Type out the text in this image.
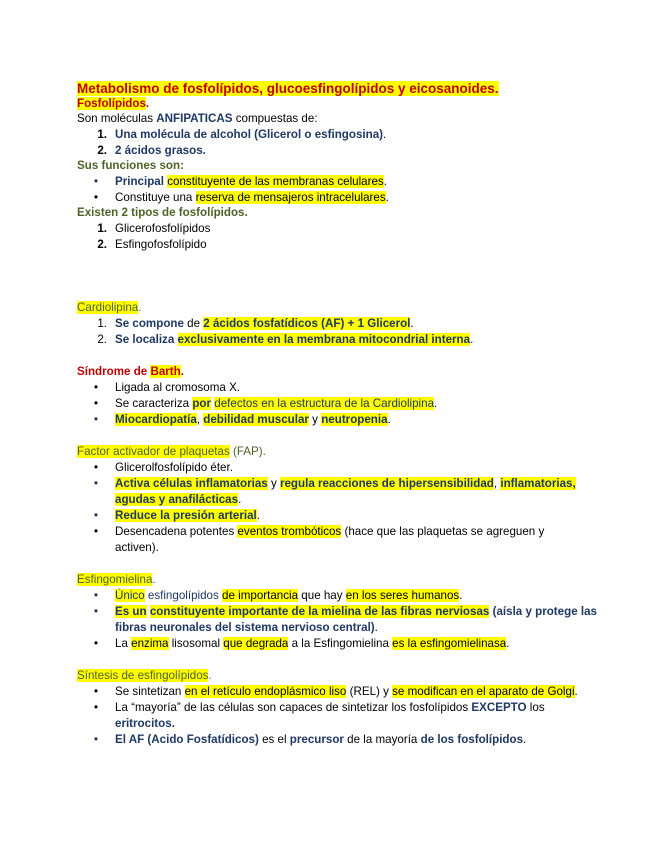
Metabolismo de fosfolípidos, glucoesfingolípidos y eicosanoides.
Fosfolípidos.
Son moléculas ANFIPATICAS compuestas de:
1. Una molécula de alcohol (Glicerol o esfingosina).
2. 2 ácidos grasos.
Sus funciones son:
• Principal constituyente de las membranas celulares.
• Constituye una reserva de mensajeros intracelulares.
Existen 2 tipos de fosfolípidos.
1. Glicerofosfolípidos
2. Esfingofosfolípido
Cardiolipina.
1. Se compone de 2 ácidos fosfatídicos (AF) + 1 Glicerol.
2. Se localiza exclusivamente en la membrana mitocondrial interna.
Síndrome de Barth.
• Ligada al cromosoma X.
• Se caracteriza por defectos en la estructura de la Cardiolipina.
• Miocardiopatía, debilidad muscular y neutropenia.
Factor activador de plaquetas (FAP).
• Glicerolfosfolípido éter.
• Activa células inflamatorias y regula reacciones de hipersensibilidad, inflamatorias,
agudas y anafilácticas.
• Reduce la presión arterial.
• Desencadena potentes eventos trombóticos (hace que las plaquetas se agreguen y
activen).
Esfingomielina.
• Único esfingolípidos de importancia que hay en los seres humanos.
• Es un constituyente importante de la mielina de las fibras nerviosas (aísla y protege las
fibras neuronales del sistema nervioso central).
• La enzima lisosomal que degrada a la Esfingomielina es la esfingomielinasa.
Síntesis de esfingolípidos.
• Se sintetizan en el retículo endoplásmico liso (REL) y se modifican en el aparato de Golgi.
• La “mayoría” de las células son capaces de sintetizar los fosfolípidos EXCEPTO los
eritrocitos.
• El AF (Acido Fosfatídicos) es el precursor de la mayoría de los fosfolípidos.
